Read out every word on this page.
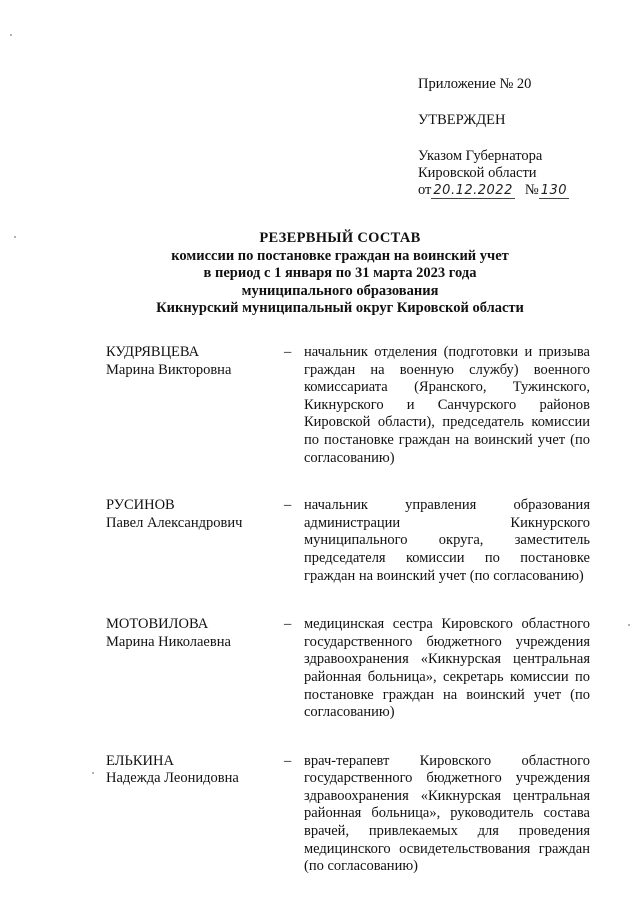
Приложение № 20
УТВЕРЖДЕН
Указом Губернатора
Кировской области
от 20.12.2022 № 130
РЕЗЕРВНЫЙ СОСТАВ
комиссии по постановке граждан на воинский учет
в период с 1 января по 31 марта 2023 года
муниципального образования
Кикнурский муниципальный округ Кировской области
КУДРЯВЦЕВА
Марина Викторовна
– начальник отделения (подготовки и призыва граждан на военную службу) военного комиссариата (Яранского, Тужинского, Кикнурского и Санчурского районов Кировской области), председатель комиссии по постановке граждан на воинский учет (по согласованию)
РУСИНОВ
Павел Александрович
– начальник управления образования администрации Кикнурского муниципального округа, заместитель председателя комиссии по постановке граждан на воинский учет (по согласованию)
МОТОВИЛОВА
Марина Николаевна
– медицинская сестра Кировского областного государственного бюджетного учреждения здравоохранения «Кикнурская центральная районная больница», секретарь комиссии по постановке граждан на воинский учет (по согласованию)
ЕЛЬКИНА
Надежда Леонидовна
– врач-терапевт Кировского областного государственного бюджетного учреждения здравоохранения «Кикнурская центральная районная больница», руководитель состава врачей, привлекаемых для проведения медицинского освидетельствования граждан (по согласованию)
